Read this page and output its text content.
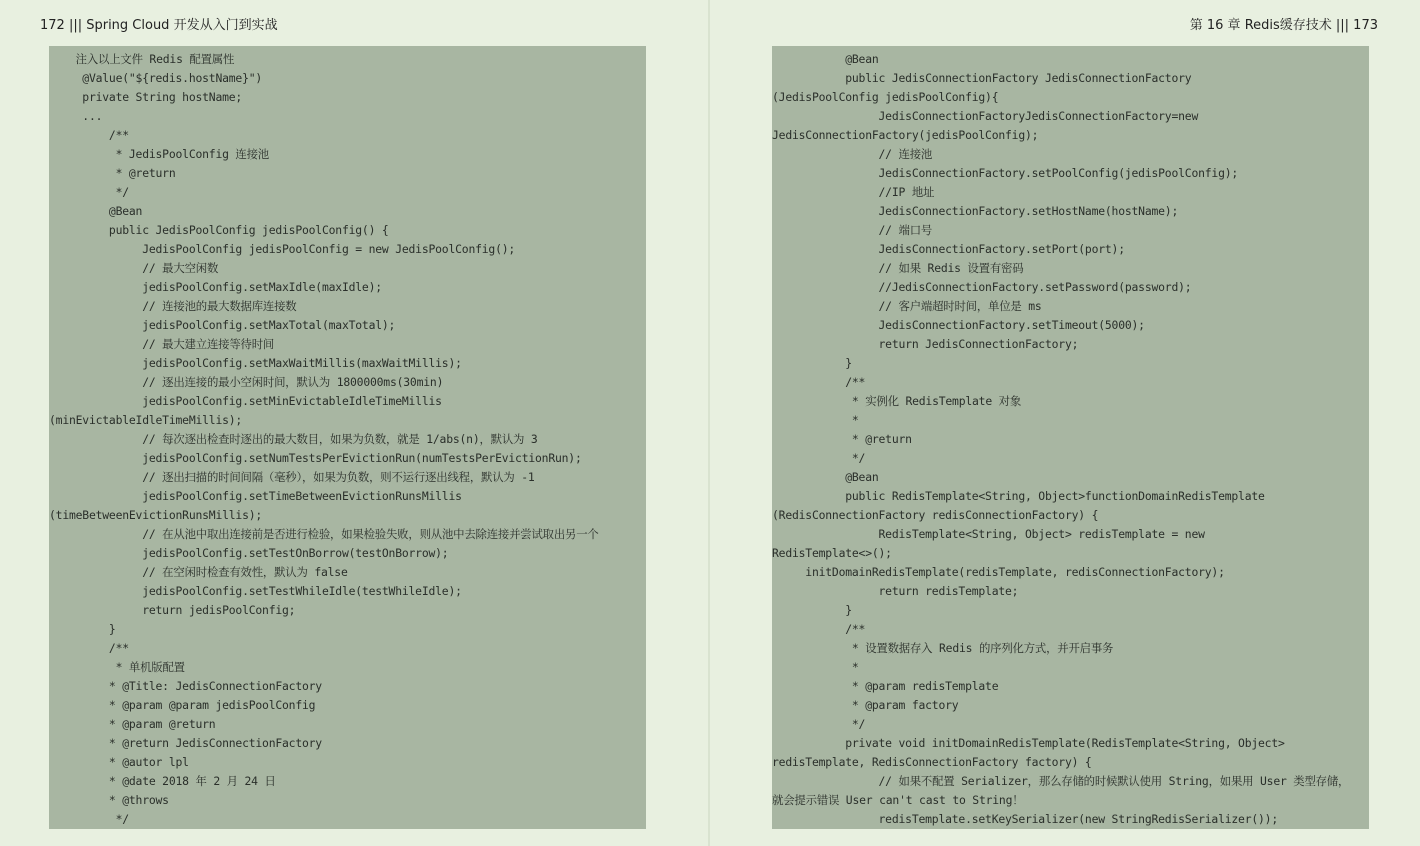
172 ||| Spring Cloud 开发从入门到实战
注入以上文件 Redis 配置属性
@Value("${redis.hostName}")
private String hostName;
...
/**
* JedisPoolConfig 连接池
* @return
*/
@Bean
public JedisPoolConfig jedisPoolConfig() {
JedisPoolConfig jedisPoolConfig = new JedisPoolConfig();
// 最大空闲数
jedisPoolConfig.setMaxIdle(maxIdle);
// 连接池的最大数据库连接数
jedisPoolConfig.setMaxTotal(maxTotal);
// 最大建立连接等待时间
jedisPoolConfig.setMaxWaitMillis(maxWaitMillis);
// 逐出连接的最小空闲时间，默认为 1800000ms(30min)
jedisPoolConfig.setMinEvictableIdleTimeMillis
(minEvictableIdleTimeMillis);
// 每次逐出检查时逐出的最大数目，如果为负数，就是 1/abs(n)，默认为 3
jedisPoolConfig.setNumTestsPerEvictionRun(numTestsPerEvictionRun);
// 逐出扫描的时间间隔（毫秒），如果为负数，则不运行逐出线程，默认为 -1
jedisPoolConfig.setTimeBetweenEvictionRunsMillis
(timeBetweenEvictionRunsMillis);
// 在从池中取出连接前是否进行检验，如果检验失败，则从池中去除连接并尝试取出另一个
jedisPoolConfig.setTestOnBorrow(testOnBorrow);
// 在空闲时检查有效性，默认为 false
jedisPoolConfig.setTestWhileIdle(testWhileIdle);
return jedisPoolConfig;
}
/**
* 单机版配置
* @Title: JedisConnectionFactory
* @param @param jedisPoolConfig
* @param @return
* @return JedisConnectionFactory
* @autor lpl
* @date 2018 年 2 月 24 日
* @throws
*/
第 16 章 Redis缓存技术 ||| 173
@Bean
public JedisConnectionFactory JedisConnectionFactory
(JedisPoolConfig jedisPoolConfig){
JedisConnectionFactoryJedisConnectionFactory=new
JedisConnectionFactory(jedisPoolConfig);
// 连接池
JedisConnectionFactory.setPoolConfig(jedisPoolConfig);
//IP 地址
JedisConnectionFactory.setHostName(hostName);
// 端口号
JedisConnectionFactory.setPort(port);
// 如果 Redis 设置有密码
//JedisConnectionFactory.setPassword(password);
// 客户端超时时间，单位是 ms
JedisConnectionFactory.setTimeout(5000);
return JedisConnectionFactory;
}
/**
* 实例化 RedisTemplate 对象
*
* @return
*/
@Bean
public RedisTemplate<String, Object>functionDomainRedisTemplate
(RedisConnectionFactory redisConnectionFactory) {
RedisTemplate<String, Object> redisTemplate = new
RedisTemplate<>();
initDomainRedisTemplate(redisTemplate, redisConnectionFactory);
return redisTemplate;
}
/**
* 设置数据存入 Redis 的序列化方式，并开启事务
*
* @param redisTemplate
* @param factory
*/
private void initDomainRedisTemplate(RedisTemplate<String, Object>
redisTemplate, RedisConnectionFactory factory) {
// 如果不配置 Serializer，那么存储的时候默认使用 String，如果用 User 类型存储，
就会提示错误 User can't cast to String！
redisTemplate.setKeySerializer(new StringRedisSerializer());
